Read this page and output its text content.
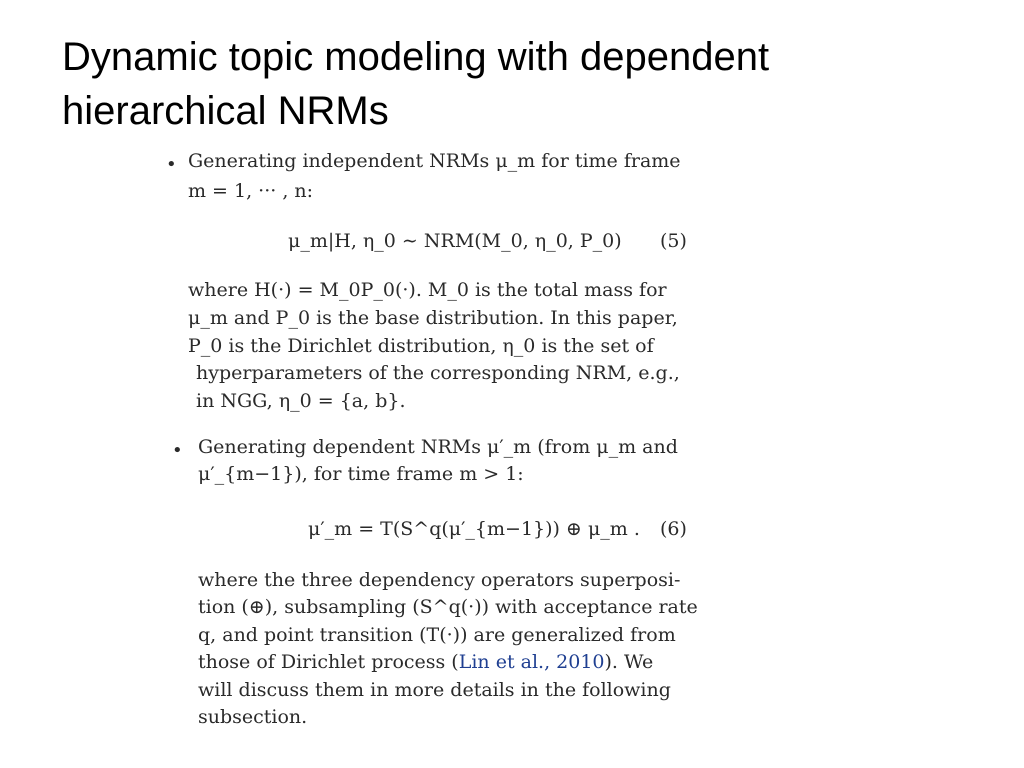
Dynamic topic modeling with dependent
hierarchical NRMs
• Generating independent NRMs μ_m for time frame
m = 1, ··· , n:
μ_m|H, η_0 ∼ NRM(M_0, η_0, P_0) (5)
where H(·) = M_0P_0(·). M_0 is the total mass for
μ_m and P_0 is the base distribution. In this paper,
P_0 is the Dirichlet distribution, η_0 is the set of
hyperparameters of the corresponding NRM, e.g.,
in NGG, η_0 = {a, b}.
• Generating dependent NRMs μ′_m (from μ_m and
μ′_{m−1}), for time frame m > 1:
μ′_m = T(S^q(μ′_{m−1})) ⊕ μ_m . (6)
where the three dependency operators superposi-
tion (⊕), subsampling (S^q(·)) with acceptance rate
q, and point transition (T(·)) are generalized from
those of Dirichlet process (Lin et al., 2010). We
will discuss them in more details in the following
subsection.
